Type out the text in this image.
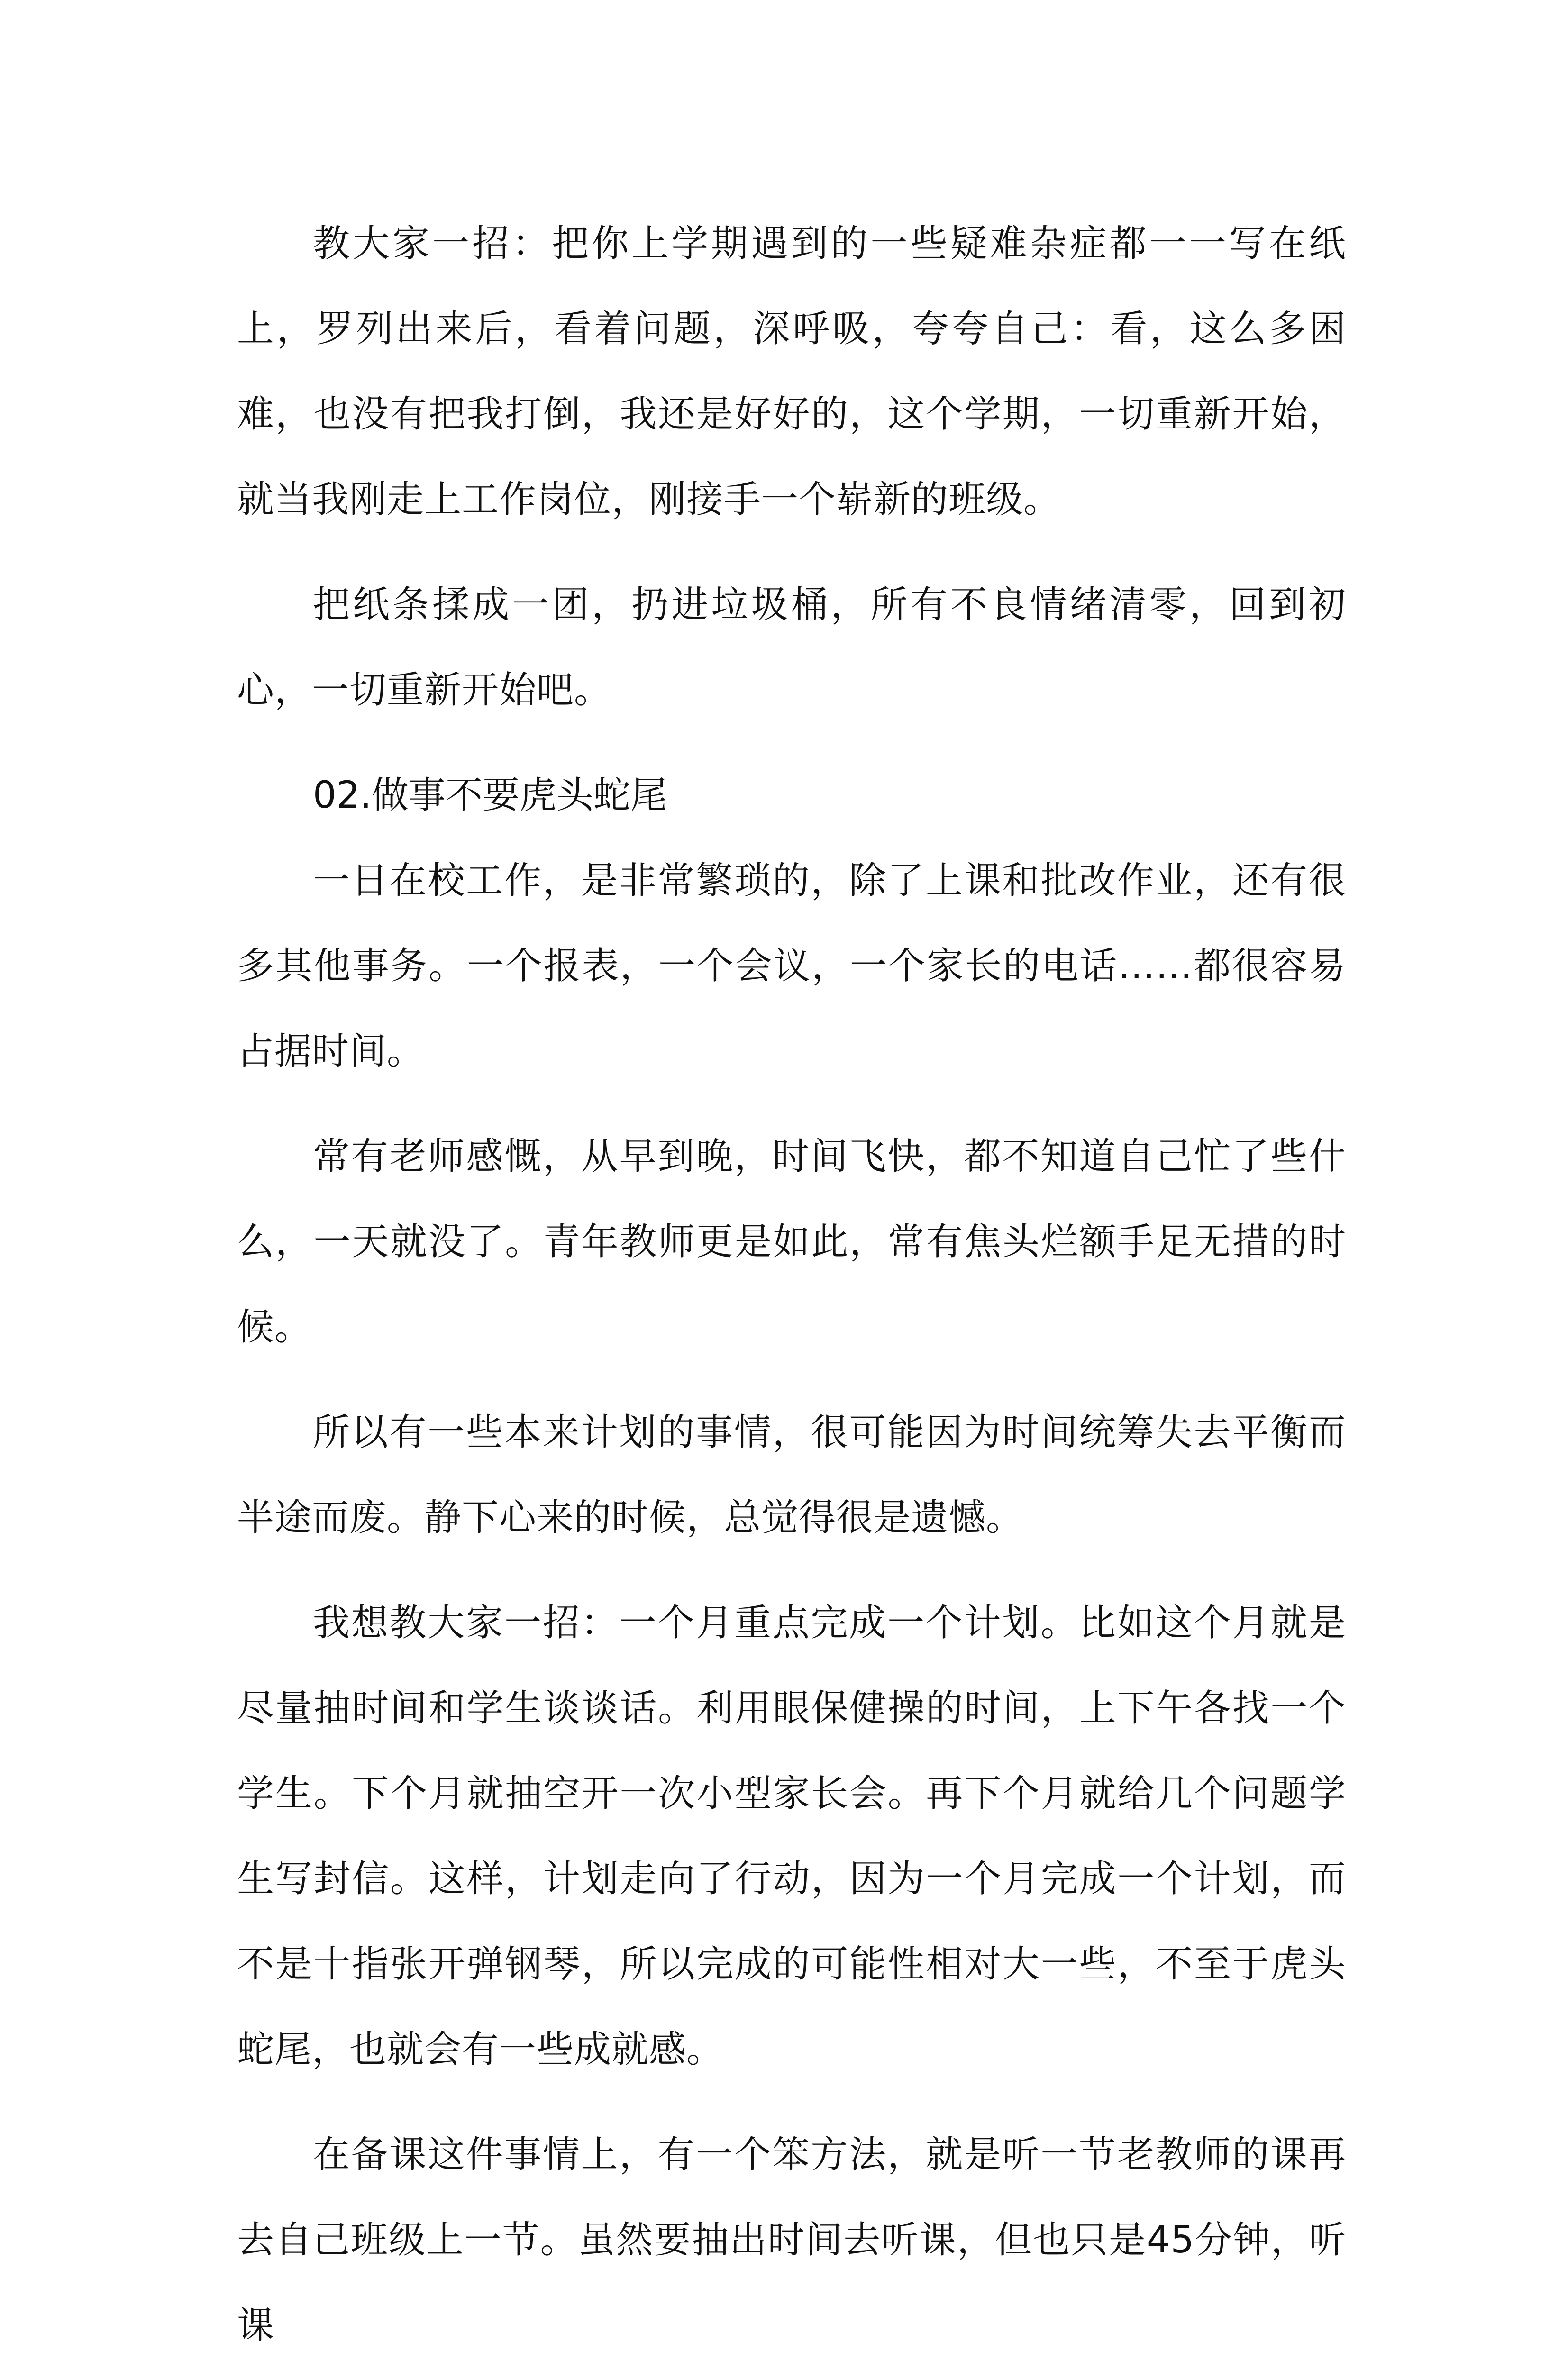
教大家一招：把你上学期遇到的一些疑难杂症都一一写在纸上，罗列出来后，看着问题，深呼吸，夸夸自己：看，这么多困难，也没有把我打倒，我还是好好的，这个学期，一切重新开始，就当我刚走上工作岗位，刚接手一个崭新的班级。

把纸条揉成一团，扔进垃圾桶，所有不良情绪清零，回到初心，一切重新开始吧。

02.做事不要虎头蛇尾

一日在校工作，是非常繁琐的，除了上课和批改作业，还有很多其他事务。一个报表，一个会议，一个家长的电话……都很容易占据时间。

常有老师感慨，从早到晚，时间飞快，都不知道自己忙了些什么，一天就没了。青年教师更是如此，常有焦头烂额手足无措的时候。

所以有一些本来计划的事情，很可能因为时间统筹失去平衡而半途而废。静下心来的时候，总觉得很是遗憾。

我想教大家一招：一个月重点完成一个计划。比如这个月就是尽量抽时间和学生谈谈话。利用眼保健操的时间，上下午各找一个学生。下个月就抽空开一次小型家长会。再下个月就给几个问题学生写封信。这样，计划走向了行动，因为一个月完成一个计划，而不是十指张开弹钢琴，所以完成的可能性相对大一些，不至于虎头蛇尾，也就会有一些成就感。

在备课这件事情上，有一个笨方法，就是听一节老教师的课再去自己班级上一节。虽然要抽出时间去听课，但也只是45分钟，听课
